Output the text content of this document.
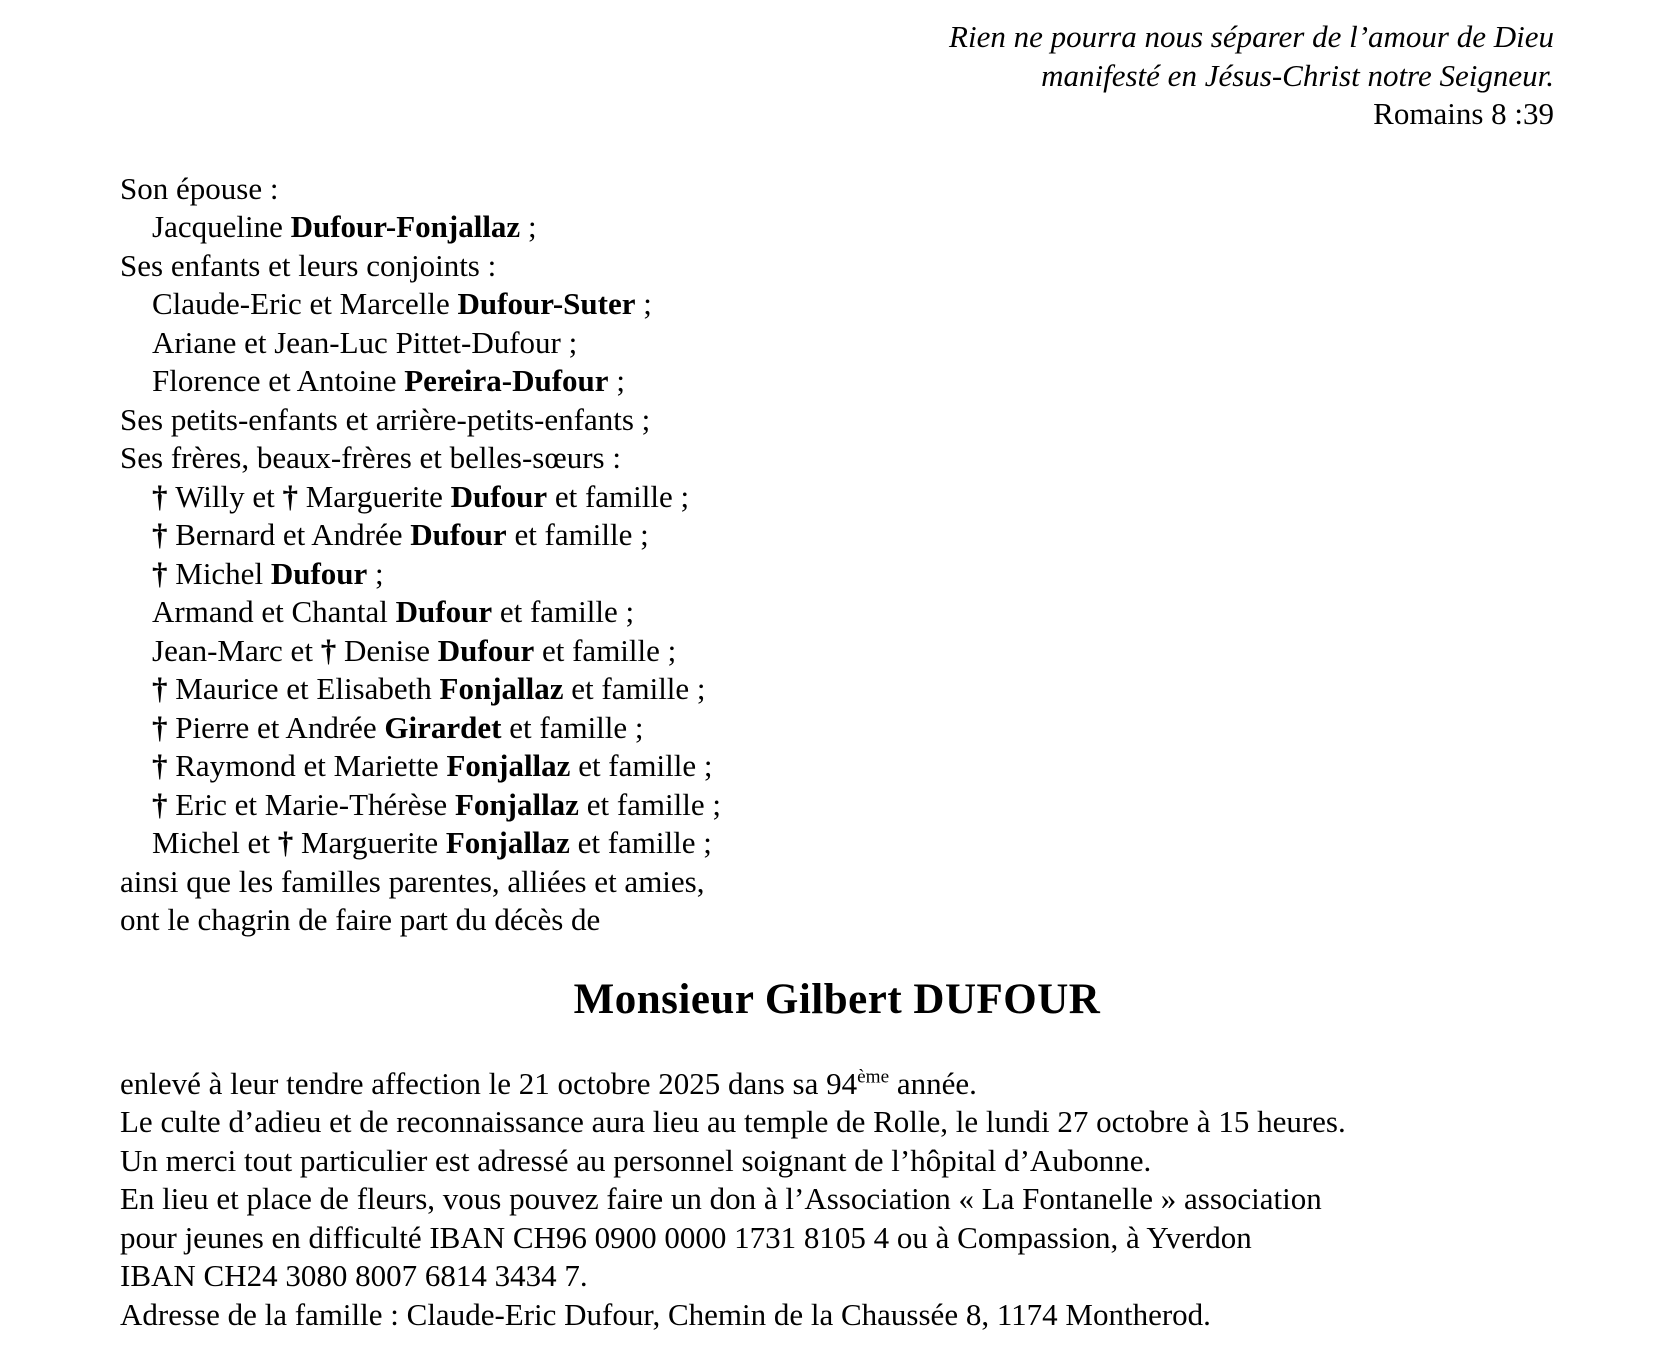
Rien ne pourra nous séparer de l’amour de Dieu
manifesté en Jésus-Christ notre Seigneur.
Romains 8 :39
Son épouse :
Jacqueline Dufour-Fonjallaz ;
Ses enfants et leurs conjoints :
Claude-Eric et Marcelle Dufour-Suter ;
Ariane et Jean-Luc Pittet-Dufour ;
Florence et Antoine Pereira-Dufour ;
Ses petits-enfants et arrière-petits-enfants ;
Ses frères, beaux-frères et belles-sœurs :
† Willy et † Marguerite Dufour et famille ;
† Bernard et Andrée Dufour et famille ;
† Michel Dufour ;
Armand et Chantal Dufour et famille ;
Jean-Marc et † Denise Dufour et famille ;
† Maurice et Elisabeth Fonjallaz et famille ;
† Pierre et Andrée Girardet et famille ;
† Raymond et Mariette Fonjallaz et famille ;
† Eric et Marie-Thérèse Fonjallaz et famille ;
Michel et † Marguerite Fonjallaz et famille ;
ainsi que les familles parentes, alliées et amies,
ont le chagrin de faire part du décès de
Monsieur Gilbert DUFOUR
enlevé à leur tendre affection le 21 octobre 2025 dans sa 94ème année.
Le culte d’adieu et de reconnaissance aura lieu au temple de Rolle, le lundi 27 octobre à 15 heures.
Un merci tout particulier est adressé au personnel soignant de l’hôpital d’Aubonne.
En lieu et place de fleurs, vous pouvez faire un don à l’Association « La Fontanelle » association
pour jeunes en difficulté IBAN CH96 0900 0000 1731 8105 4 ou à Compassion, à Yverdon
IBAN CH24 3080 8007 6814 3434 7.
Adresse de la famille : Claude-Eric Dufour, Chemin de la Chaussée 8, 1174 Montherod.
